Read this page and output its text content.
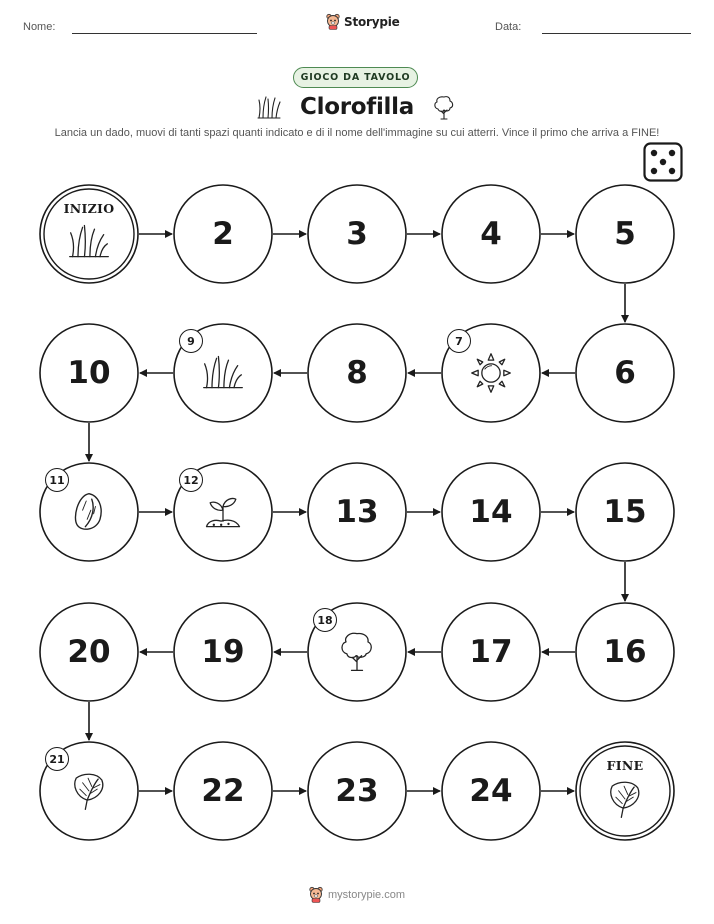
Nome:	Storypie	Data:
GIOCO DA TAVOLO
Clorofilla
Lancia un dado, muovi di tanti spazi quanti indicato e di il nome dell'immagine su cui atterri. Vince il primo che arriva a FINE!
INIZIO
2	3	4	5
6
7
8
9
10
11	12
13	14	15
16
17
18
19
20
21
22	23	24
FINE
mystorypie.com
